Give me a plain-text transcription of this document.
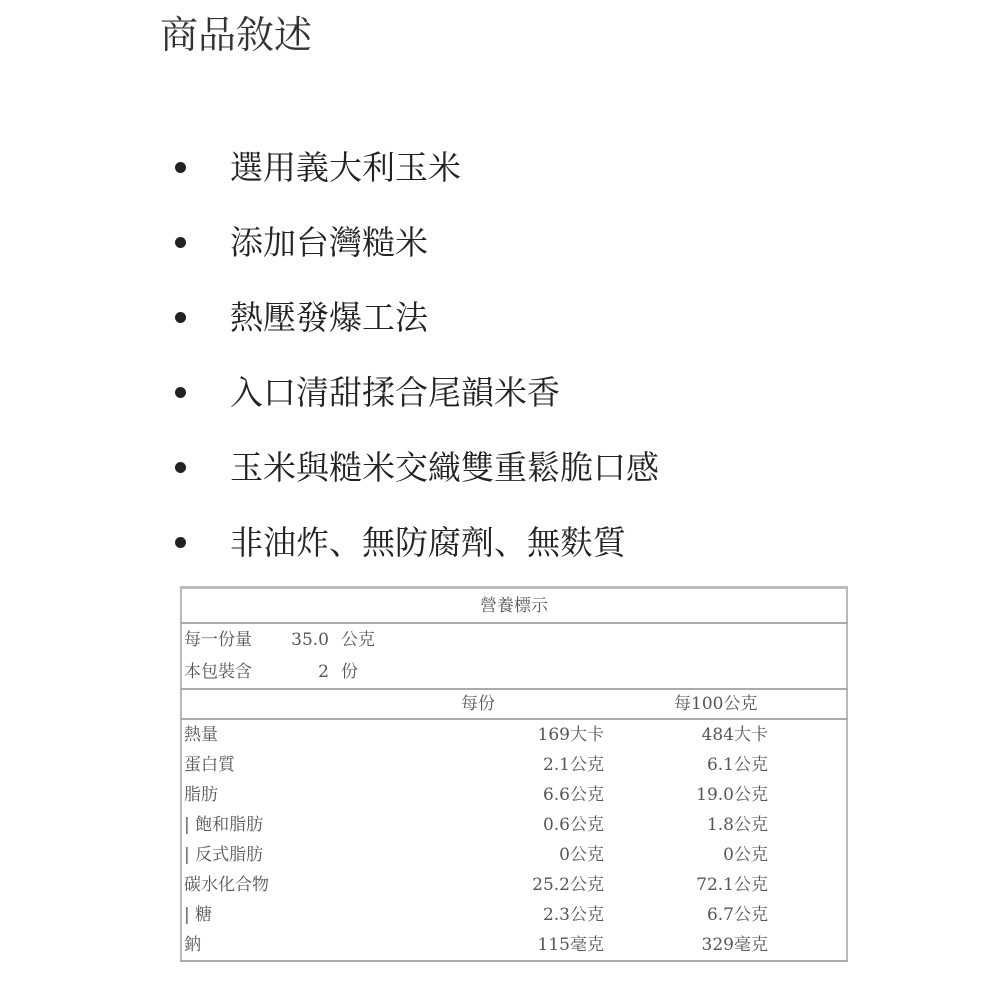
商品敘述
選用義大利玉米
添加台灣糙米
熱壓發爆工法
入口清甜揉合尾韻米香
玉米與糙米交織雙重鬆脆口感
非油炸、無防腐劑、無麩質
營養標示				
每一份量	35.0	公克		
本包裝含	2	份		
			每份	每100公克
熱量			169大卡	484大卡
蛋白質			2.1公克	6.1公克
脂肪			6.6公克	19.0公克
| 飽和脂肪			0.6公克	1.8公克
| 反式脂肪			0公克	0公克
碳水化合物			25.2公克	72.1公克
| 糖			2.3公克	6.7公克
鈉			115毫克	329毫克
